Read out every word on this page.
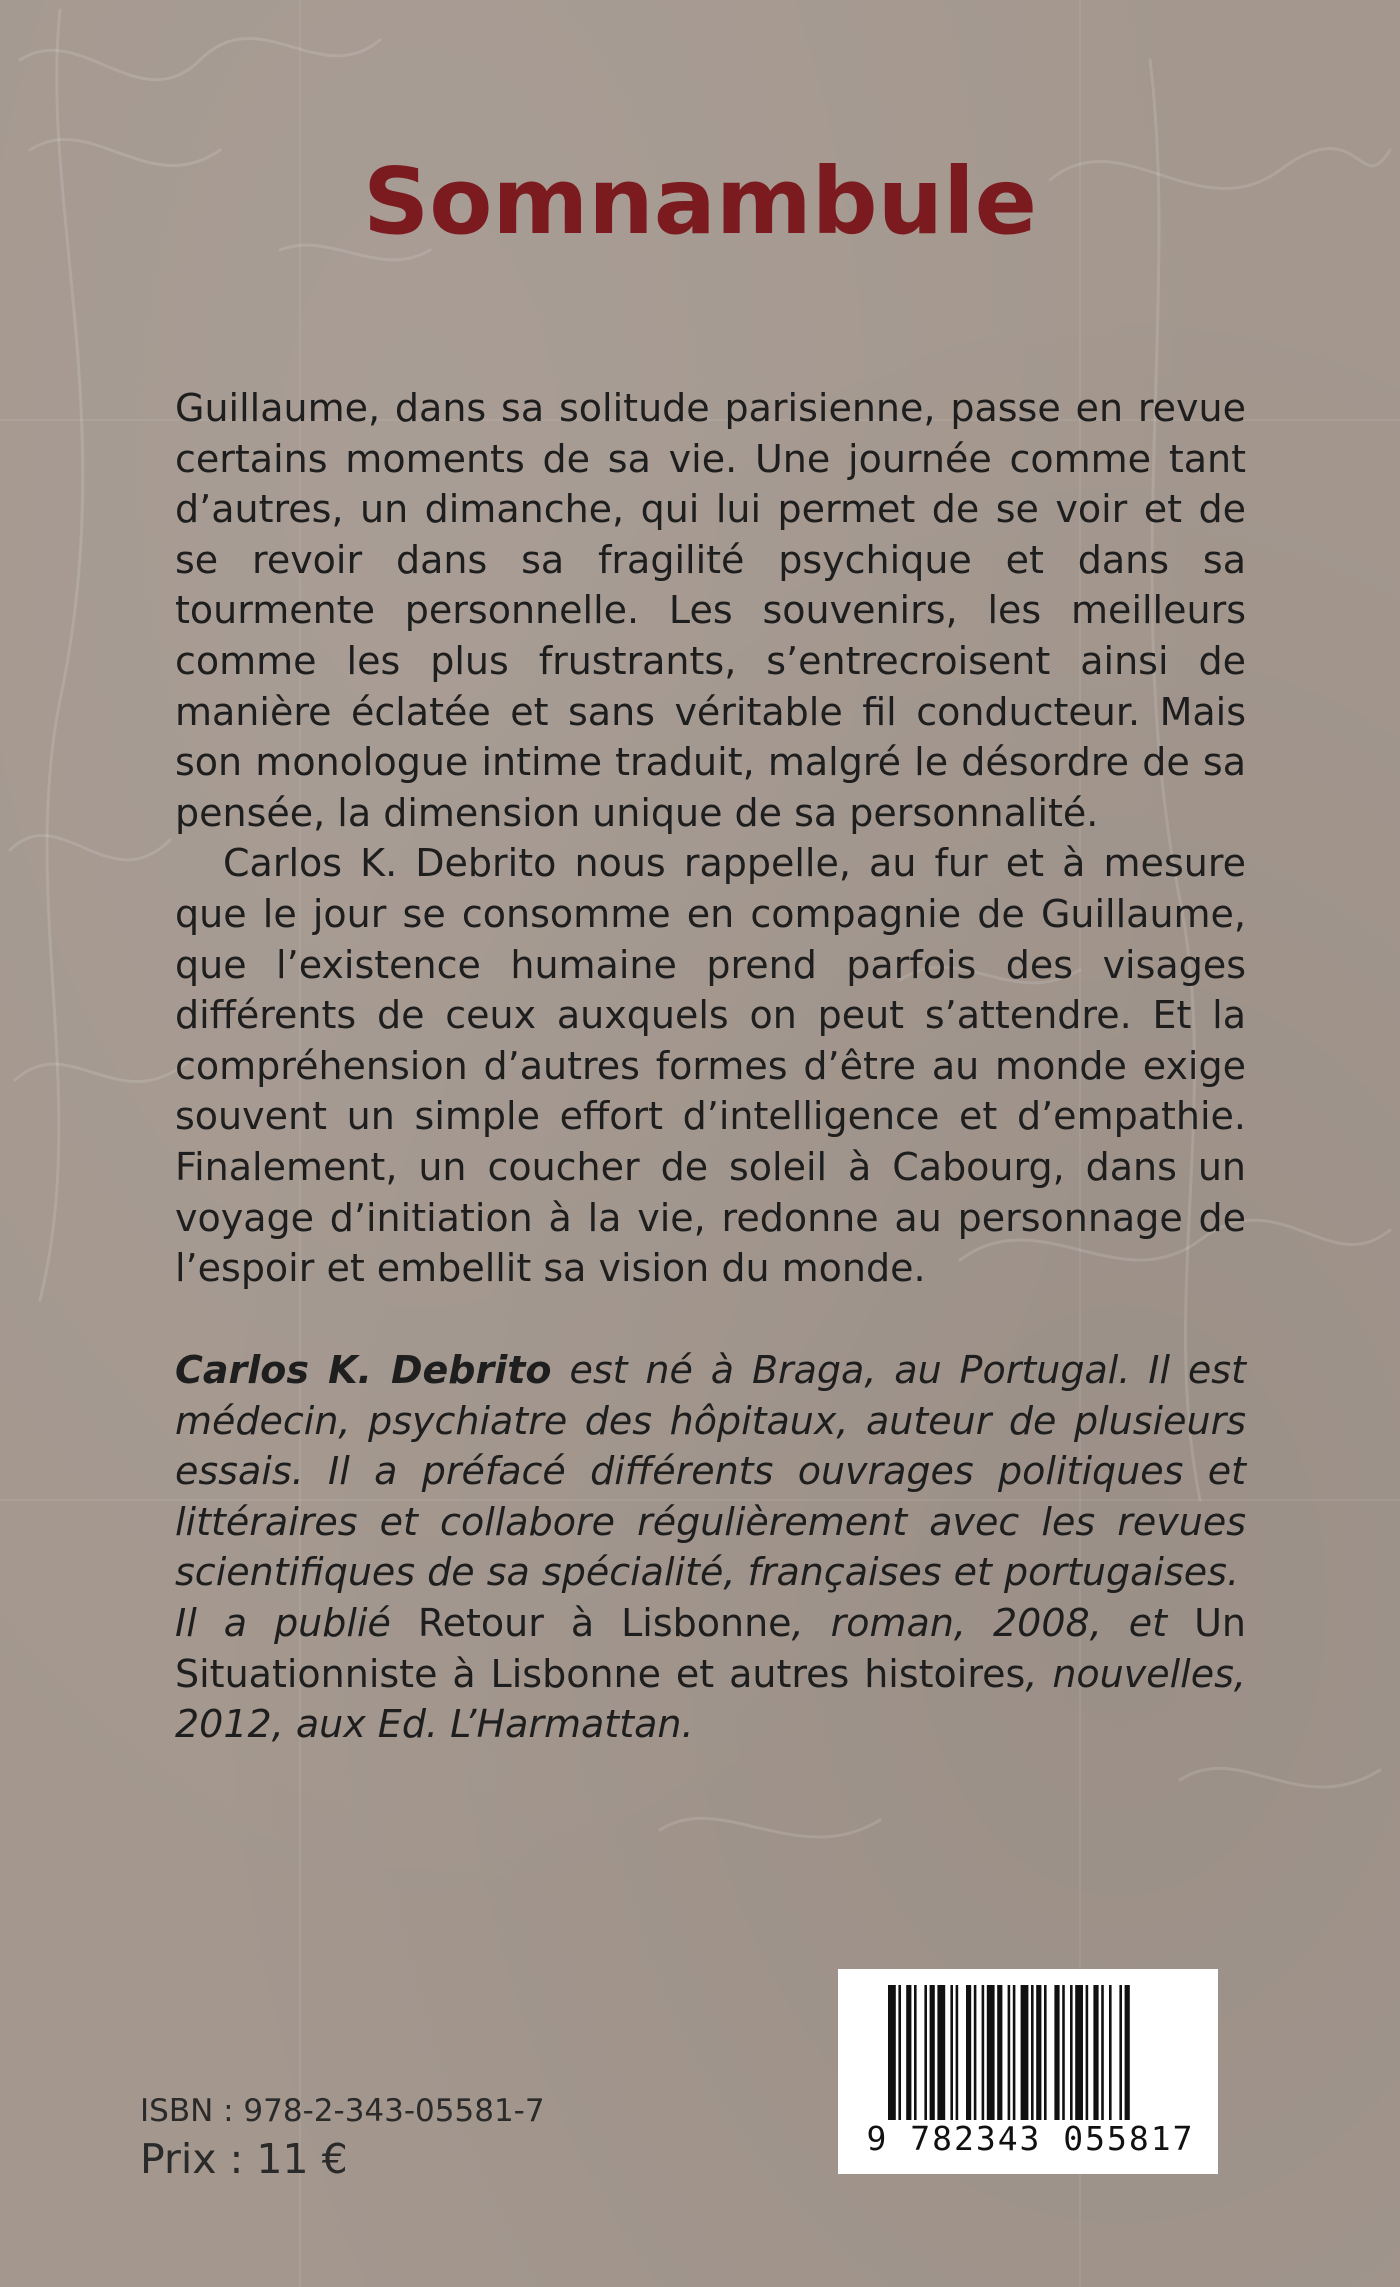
Somnambule

Guillaume, dans sa solitude parisienne, passe en revue certains moments de sa vie. Une journée comme tant d’autres, un dimanche, qui lui permet de se voir et de se revoir dans sa fragilité psychique et dans sa tourmente personnelle. Les souvenirs, les meilleurs comme les plus frustrants, s’entrecroisent ainsi de manière éclatée et sans véritable fil conducteur. Mais son monologue intime traduit, malgré le désordre de sa pensée, la dimension unique de sa personnalité.

Carlos K. Debrito nous rappelle, au fur et à mesure que le jour se consomme en compagnie de Guillaume, que l’existence humaine prend parfois des visages différents de ceux auxquels on peut s’attendre. Et la compréhension d’autres formes d’être au monde exige souvent un simple effort d’intelligence et d’empathie. Finalement, un coucher de soleil à Cabourg, dans un voyage d’initiation à la vie, redonne au personnage de l’espoir et embellit sa vision du monde.

Carlos K. Debrito est né à Braga, au Portugal. Il est médecin, psychiatre des hôpitaux, auteur de plusieurs essais. Il a préfacé différents ouvrages politiques et littéraires et collabore régulièrement avec les revues scientifiques de sa spécialité, françaises et portugaises.

Il a publié Retour à Lisbonne, roman, 2008, et Un Situationniste à Lisbonne et autres histoires, nouvelles, 2012, aux Ed. L’Harmattan.

ISBN : 978-2-343-05581-7
Prix : 11 €	9 782343 055817
